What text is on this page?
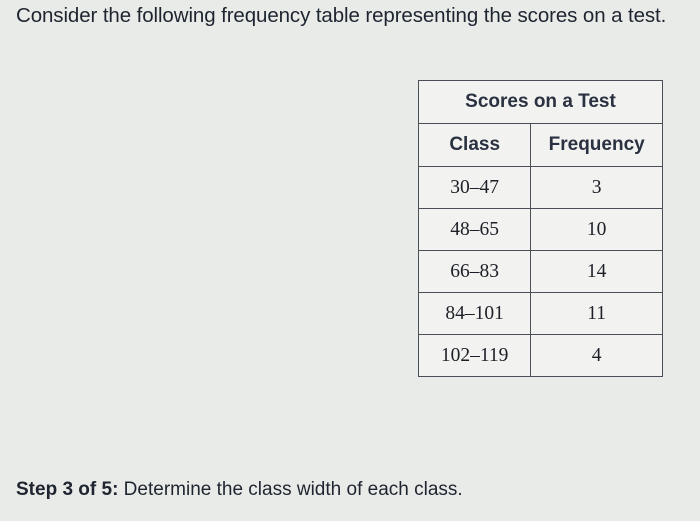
Consider the following frequency table representing the scores on a test.
Scores on a Test	
Class	Frequency
30–47	3
48–65	10
66–83	14
84–101	11
102–119	4
Step 3 of 5: Determine the class width of each class.
